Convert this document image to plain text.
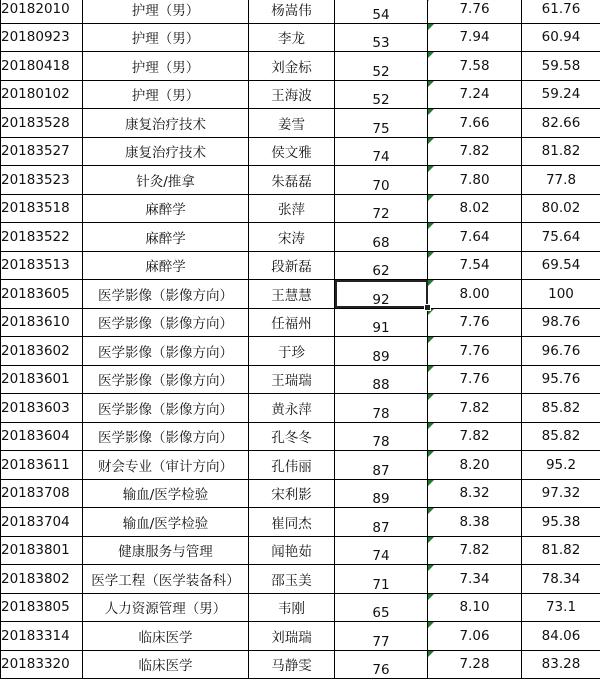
20182010	护理（男）	杨嵩伟	54	7.76	61.76
20180923	护理（男）	李龙	53	7.94	60.94
20180418	护理（男）	刘金标	52	7.58	59.58
20180102	护理（男）	王海波	52	7.24	59.24
20183528	康复治疗技术	姜雪	75	7.66	82.66
20183527	康复治疗技术	侯文雅	74	7.82	81.82
20183523	针灸/推拿	朱磊磊	70	7.80	77.8
20183518	麻醉学	张萍	72	8.02	80.02
20183522	麻醉学	宋涛	68	7.64	75.64
20183513	麻醉学	段新磊	62	7.54	69.54
20183605	医学影像（影像方向）	王慧慧	92	8.00	100
20183610	医学影像（影像方向）	任福州	91	7.76	98.76
20183602	医学影像（影像方向）	于珍	89	7.76	96.76
20183601	医学影像（影像方向）	王瑞瑞	88	7.76	95.76
20183603	医学影像（影像方向）	黄永萍	78	7.82	85.82
20183604	医学影像（影像方向）	孔冬冬	78	7.82	85.82
20183611	财会专业（审计方向）	孔伟丽	87	8.20	95.2
20183708	输血/医学检验	宋利影	89	8.32	97.32
20183704	输血/医学检验	崔同杰	87	8.38	95.38
20183801	健康服务与管理	闻艳茹	74	7.82	81.82
20183802	医学工程（医学装备科）	邵玉美	71	7.34	78.34
20183805	人力资源管理（男）	韦刚	65	8.10	73.1
20183314	临床医学	刘瑞瑞	77	7.06	84.06
20183320	临床医学	马静雯	76	7.28	83.28
